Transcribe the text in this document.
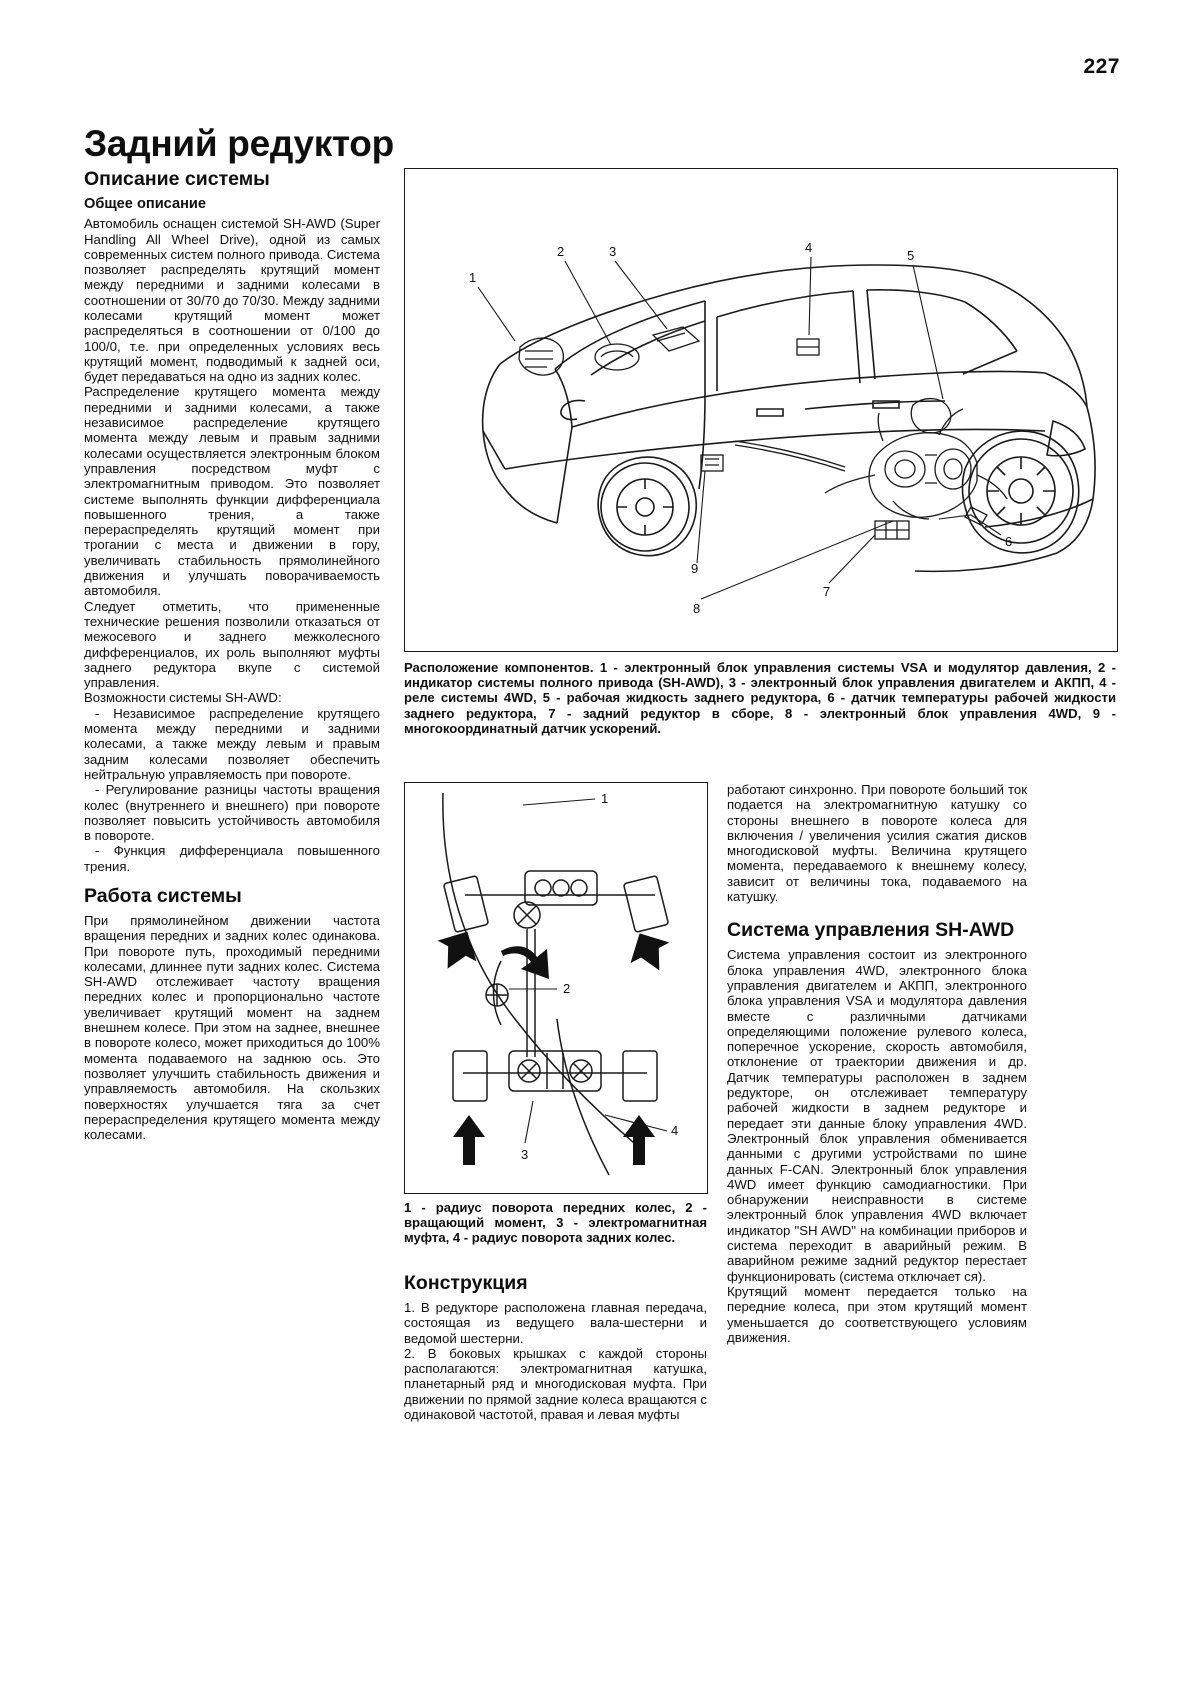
227
Задний редуктор
Описание системы
Общее описание

Автомобиль оснащен системой SH-AWD (Super Handling All Wheel Drive), одной из самых современных систем полного привода. Система позволяет распределять крутящий момент между передними и задними колесами в соотношении от 30/70 до 70/30. Между задними колесами крутящий момент может распределяться в соотношении от 0/100 до 100/0, т.е. при определенных условиях весь крутящий момент, подводимый к задней оси, будет передаваться на одно из задних колес.

Распределение крутящего момента между передними и задними колесами, а также независимое распределение крутящего момента между левым и правым задними колесами осуществляется электронным блоком управления посредством муфт с электромагнитным приводом. Это позволяет системе выполнять функции дифференциала повышенного трения, а также перераспределять крутящий момент при трогании с места и движении в гору, увеличивать стабильность прямолинейного движения и улучшать поворачиваемость автомобиля.

Следует отметить, что примененные технические решения позволили отказаться от межосевого и заднего межколесного дифференциалов, их роль выполняют муфты заднего редуктора вкупе с системой управления.

Возможности системы SH-AWD:

- Независимое распределение крутящего момента между передними и задними колесами, а также между левым и правым задним колесами позволяет обеспечить нейтральную управляемость при повороте.

- Регулирование разницы частоты вращения колес (внутреннего и внешнего) при повороте позволяет повысить устойчивость автомобиля в повороте.

- Функция дифференциала повышенного трения.

Работа системы

При прямолинейном движении частота вращения передних и задних колес одинакова. При повороте путь, проходимый передними колесами, длиннее пути задних колес. Система SH-AWD отслеживает частоту вращения передних колес и пропорционально частоте увеличивает крутящий момент на заднем внешнем колесе. При этом на заднее, внешнее в повороте колесо, может приходиться до 100% момента подаваемого на заднюю ось. Это позволяет улучшить стабильность движения и управляемость автомобиля. На скользких поверхностях улучшается тяга за счет перераспределения крутящего момента между колесами.

1
2	3	4
5
6
7
8
9
Расположение компонентов. 1 - электронный блок управления системы VSA и модулятор давления, 2 - индикатор системы полного привода (SH-AWD), 3 - электронный блок управления двигателем и АКПП, 4 - реле системы 4WD, 5 - рабочая жидкость заднего редуктора, 6 - датчик температуры рабочей жидкости заднего редуктора, 7 - задний редуктор в сборе, 8 - электронный блок управления 4WD, 9 - многокоординатный датчик ускорений.
1
2
3
4
1 - радиус поворота передних колес, 2 - вращающий момент, 3 - электромагнитная муфта, 4 - радиус поворота задних колес.
Конструкция

1. В редукторе расположена главная передача, состоящая из ведущего вала-шестерни и ведомой шестерни.

2. В боковых крышках с каждой стороны располагаются: электромагнитная катушка, планетарный ряд и многодисковая муфта. При движении по прямой задние колеса вращаются с одинаковой частотой, правая и левая муфты

работают синхронно. При повороте больший ток подается на электромагнитную катушку со стороны внешнего в повороте колеса для включения / увеличения усилия сжатия дисков многодисковой муфты. Величина крутящего момента, передаваемого к внешнему колесу, зависит от величины тока, подаваемого на катушку.

Система управления SH-AWD

Система управления состоит из электронного блока управления 4WD, электронного блока управления двигателем и АКПП, электронного блока управления VSA и модулятора давления вместе с различными датчиками определяющими положение рулевого колеса, поперечное ускорение, скорость автомобиля, отклонение от траектории движения и др. Датчик температуры расположен в заднем редукторе, он отслеживает температуру рабочей жидкости в заднем редукторе и передает эти данные блоку управления 4WD. Электронный блок управления обменивается данными с другими устройствами по шине данных F-CAN. Электронный блок управления 4WD имеет функцию самодиагностики. При обнаружении неисправности в системе электронный блок управления 4WD включает индикатор "SH AWD" на комбинации приборов и система переходит в аварийный режим. В аварийном режиме задний редуктор перестает функционировать (система отключает ся).

Крутящий момент передается только на передние колеса, при этом крутящий момент уменьшается до соответствующего условиям движения.
